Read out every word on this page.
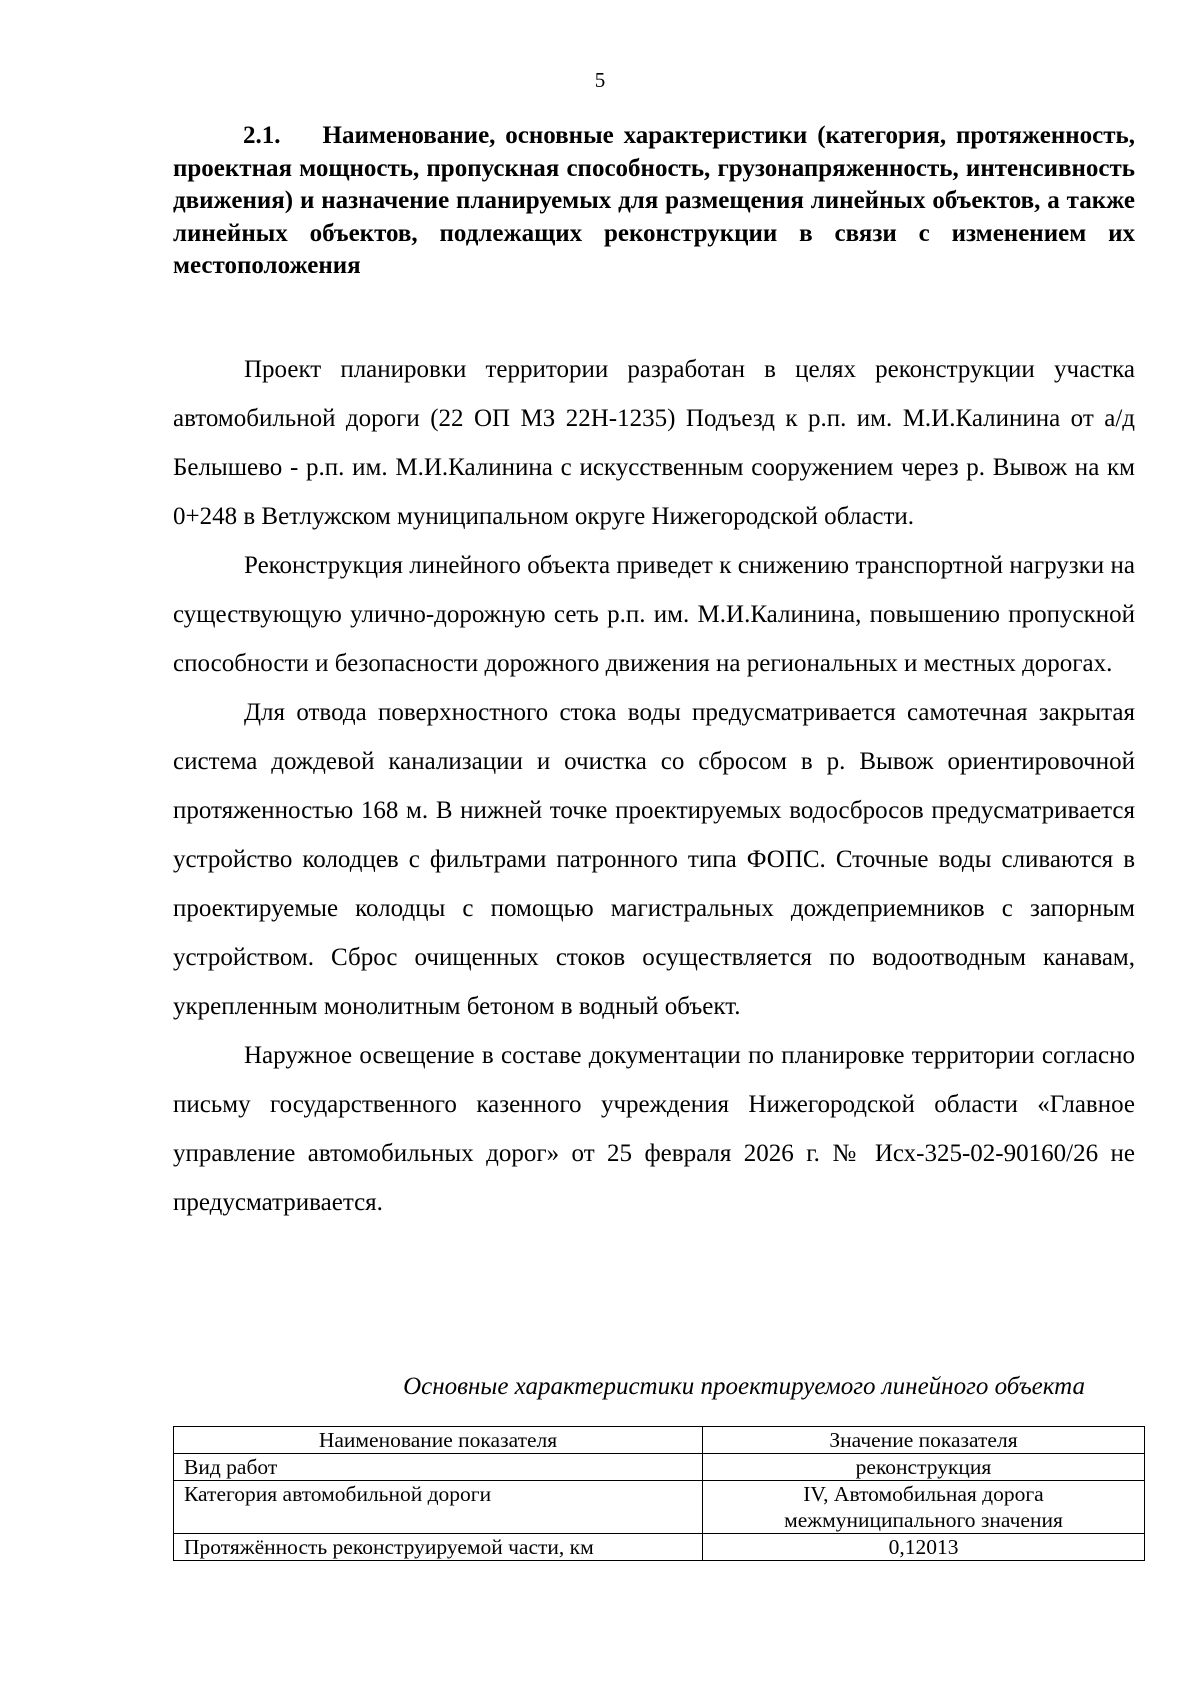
5
2.1. Наименование, основные характеристики (категория, протяженность, проектная мощность, пропускная способность, грузонапряженность, интенсивность движения) и назначение планируемых для размещения линейных объектов, а также линейных объектов, подлежащих реконструкции в связи с изменением их местоположения

Проект планировки территории разработан в целях реконструкции участка автомобильной дороги (22 ОП МЗ 22Н-1235) Подъезд к р.п. им. М.И.Калинина от а/д Белышево - р.п. им. М.И.Калинина с искусственным сооружением через р. Вывож на км 0+248 в Ветлужском муниципальном округе Нижегородской области.

Реконструкция линейного объекта приведет к снижению транспортной нагрузки на существующую улично-дорожную сеть р.п. им. М.И.Калинина, повышению пропускной способности и безопасности дорожного движения на региональных и местных дорогах.

Для отвода поверхностного стока воды предусматривается самотечная закрытая система дождевой канализации и очистка со сбросом в р. Вывож ориентировочной протяженностью 168 м. В нижней точке проектируемых водосбросов предусматривается устройство колодцев с фильтрами патронного типа ФОПС. Сточные воды сливаются в проектируемые колодцы с помощью магистральных дождеприемников с запорным устройством. Сброс очищенных стоков осуществляется по водоотводным канавам, укрепленным монолитным бетоном в водный объект.

Наружное освещение в составе документации по планировке территории согласно письму государственного казенного учреждения Нижегородской области «Главное управление автомобильных дорог» от 25 февраля 2026 г. № Исх-325-02-90160/26 не предусматривается.

Основные характеристики проектируемого линейного объекта
Наименование показателя	Значение показателя
Вид работ	реконструкция
Категория автомобильной дороги	IV, Автомобильная дорога межмуниципального значения
Протяжённость реконструируемой части, км	0,12013
